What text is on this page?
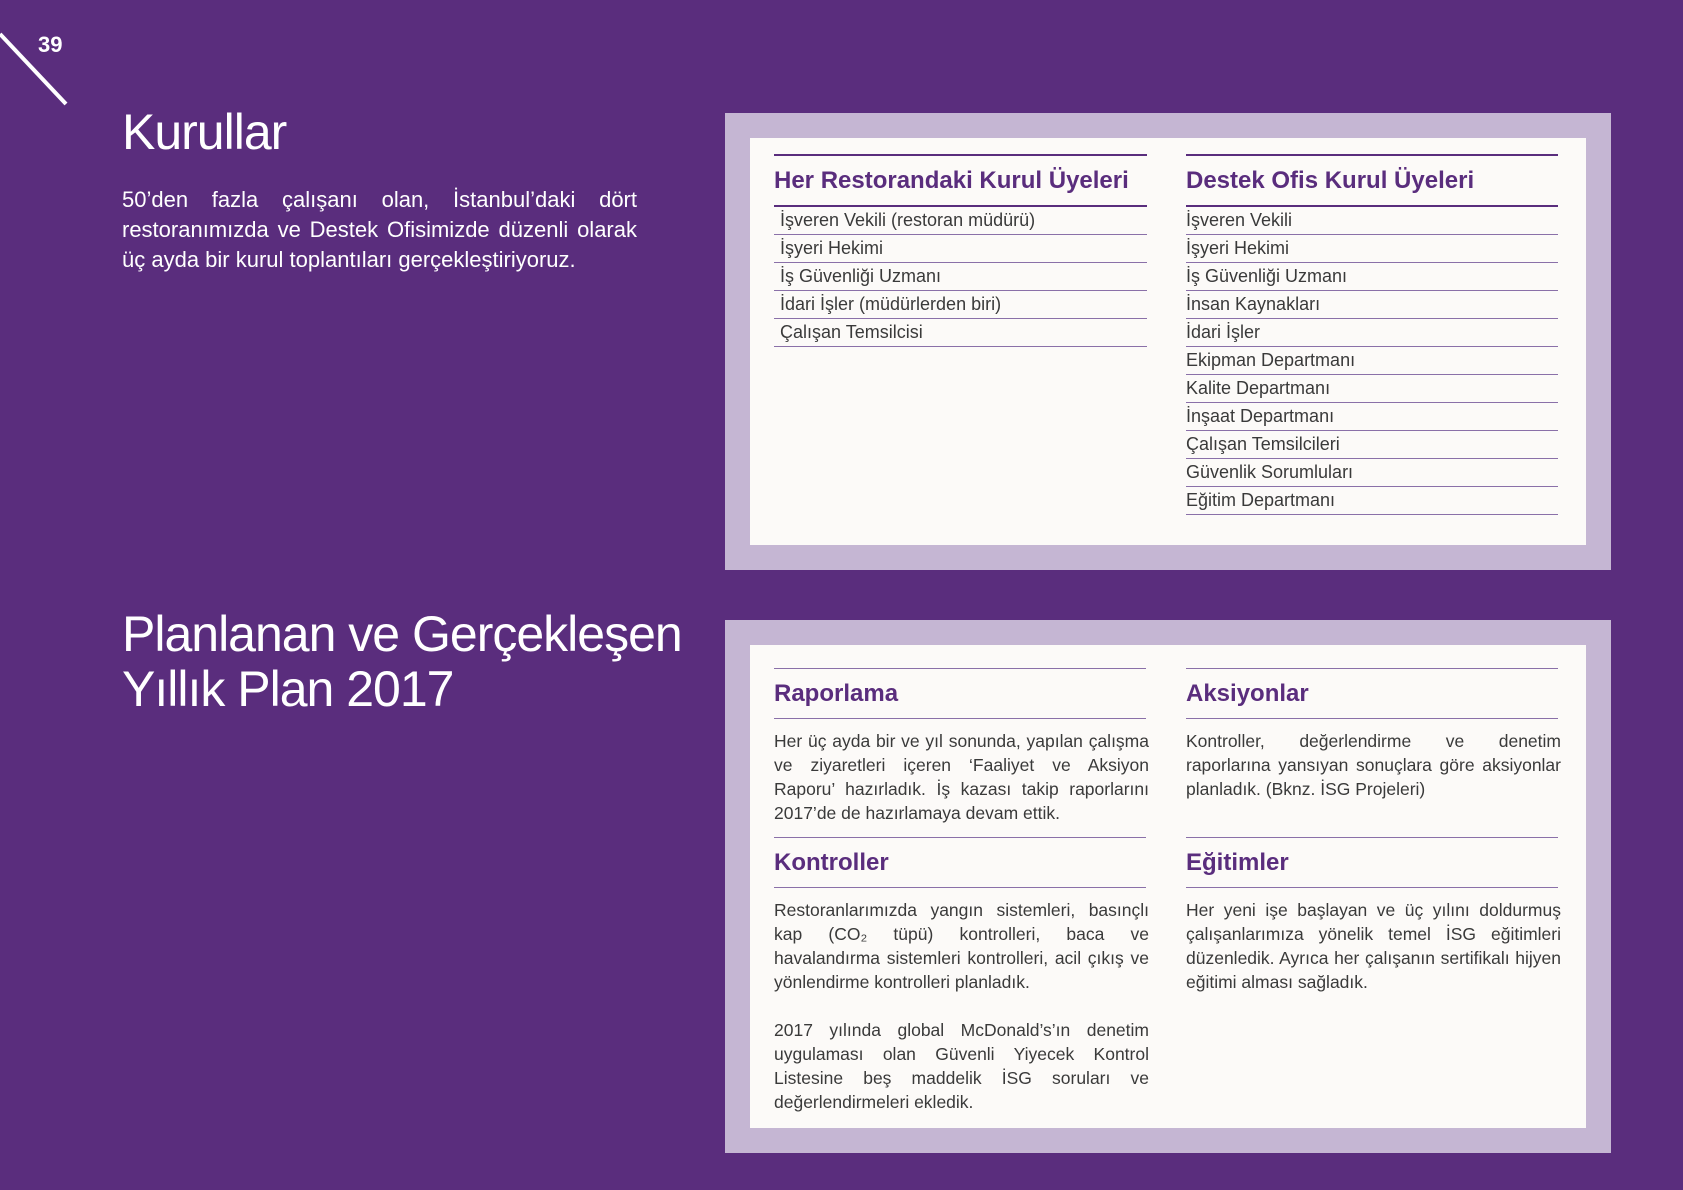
39
Kurullar

50’den fazla çalışanı olan, İstanbul’daki dört restoranımızda ve Destek Ofisimizde düzenli olarak üç ayda bir kurul toplantıları gerçekleştiriyoruz.

Her Restorandaki Kurul Üyeleri
İşveren Vekili (restoran müdürü)
İşyeri Hekimi
İş Güvenliği Uzmanı
İdari İşler (müdürlerden biri)
Çalışan Temsilcisi
Destek Ofis Kurul Üyeleri
İşveren Vekili
İşyeri Hekimi
İş Güvenliği Uzmanı
İnsan Kaynakları
İdari İşler
Ekipman Departmanı
Kalite Departmanı
İnşaat Departmanı
Çalışan Temsilcileri
Güvenlik Sorumluları
Eğitim Departmanı
Planlanan ve Gerçekleşen
Yıllık Plan 2017	Raporlama

Her üç ayda bir ve yıl sonunda, yapılan çalışma ve ziyaretleri içeren ‘Faaliyet ve Aksiyon Raporu’ hazırladık. İş kazası takip raporlarını 2017’de de hazırlamaya devam ettik.

Aksiyonlar

Kontroller, değerlendirme ve denetim raporlarına yansıyan sonuçlara göre aksiyonlar planladık. (Bknz. İSG Projeleri)

Kontroller

Restoranlarımızda yangın sistemleri, basınçlı kap (CO₂ tüpü) kontrolleri, baca ve havalandırma sistemleri kontrolleri, acil çıkış ve yönlendirme kontrolleri planladık.

2017 yılında global McDonald’s’ın denetim uygulaması olan Güvenli Yiyecek Kontrol Listesine beş maddelik İSG soruları ve değerlendirmeleri ekledik.

Eğitimler

Her yeni işe başlayan ve üç yılını doldurmuş çalışanlarımıza yönelik temel İSG eğitimleri düzenledik. Ayrıca her çalışanın sertifikalı hijyen eğitimi alması sağladık.
